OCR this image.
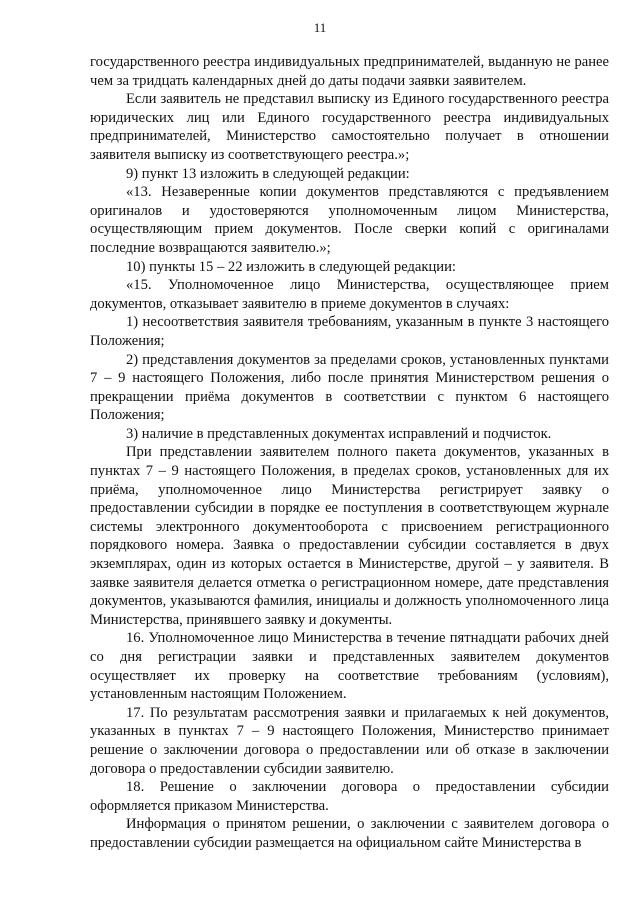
11

государственного реестра индивидуальных предпринимателей, выданную не ранее чем за тридцать календарных дней до даты подачи заявки заявителем.

Если заявитель не представил выписку из Единого государственного реестра юридических лиц или Единого государственного реестра индивидуальных предпринимателей, Министерство самостоятельно получает в отношении заявителя выписку из соответствующего реестра.»;

9) пункт 13 изложить в следующей редакции:

«13. Незаверенные копии документов представляются с предъявлением оригиналов и удостоверяются уполномоченным лицом Министерства, осуществляющим прием документов. После сверки копий с оригиналами последние возвращаются заявителю.»;

10) пункты 15 – 22 изложить в следующей редакции:

«15. Уполномоченное лицо Министерства, осуществляющее прием документов, отказывает заявителю в приеме документов в случаях:

1) несоответствия заявителя требованиям, указанным в пункте 3 настоящего Положения;

2) представления документов за пределами сроков, установленных пунктами 7 – 9 настоящего Положения, либо после принятия Министерством решения о прекращении приёма документов в соответствии с пунктом 6 настоящего Положения;

3) наличие в представленных документах исправлений и подчисток.

При представлении заявителем полного пакета документов, указанных в пунктах 7 – 9 настоящего Положения, в пределах сроков, установленных для их приёма, уполномоченное лицо Министерства регистрирует заявку о предоставлении субсидии в порядке ее поступления в соответствующем журнале системы электронного документооборота с присвоением регистрационного порядкового номера. Заявка о предоставлении субсидии составляется в двух экземплярах, один из которых остается в Министерстве, другой – у заявителя. В заявке заявителя делается отметка о регистрационном номере, дате представления документов, указываются фамилия, инициалы и должность уполномоченного лица Министерства, принявшего заявку и документы.

16. Уполномоченное лицо Министерства в течение пятнадцати рабочих дней со дня регистрации заявки и представленных заявителем документов осуществляет их проверку на соответствие требованиям (условиям), установленным настоящим Положением.

17. По результатам рассмотрения заявки и прилагаемых к ней документов, указанных в пунктах 7 – 9 настоящего Положения, Министерство принимает решение о заключении договора о предоставлении или об отказе в заключении договора о предоставлении субсидии заявителю.

18. Решение о заключении договора о предоставлении субсидии оформляется приказом Министерства.

Информация о принятом решении, о заключении с заявителем договора о предоставлении субсидии размещается на официальном сайте Министерства в
